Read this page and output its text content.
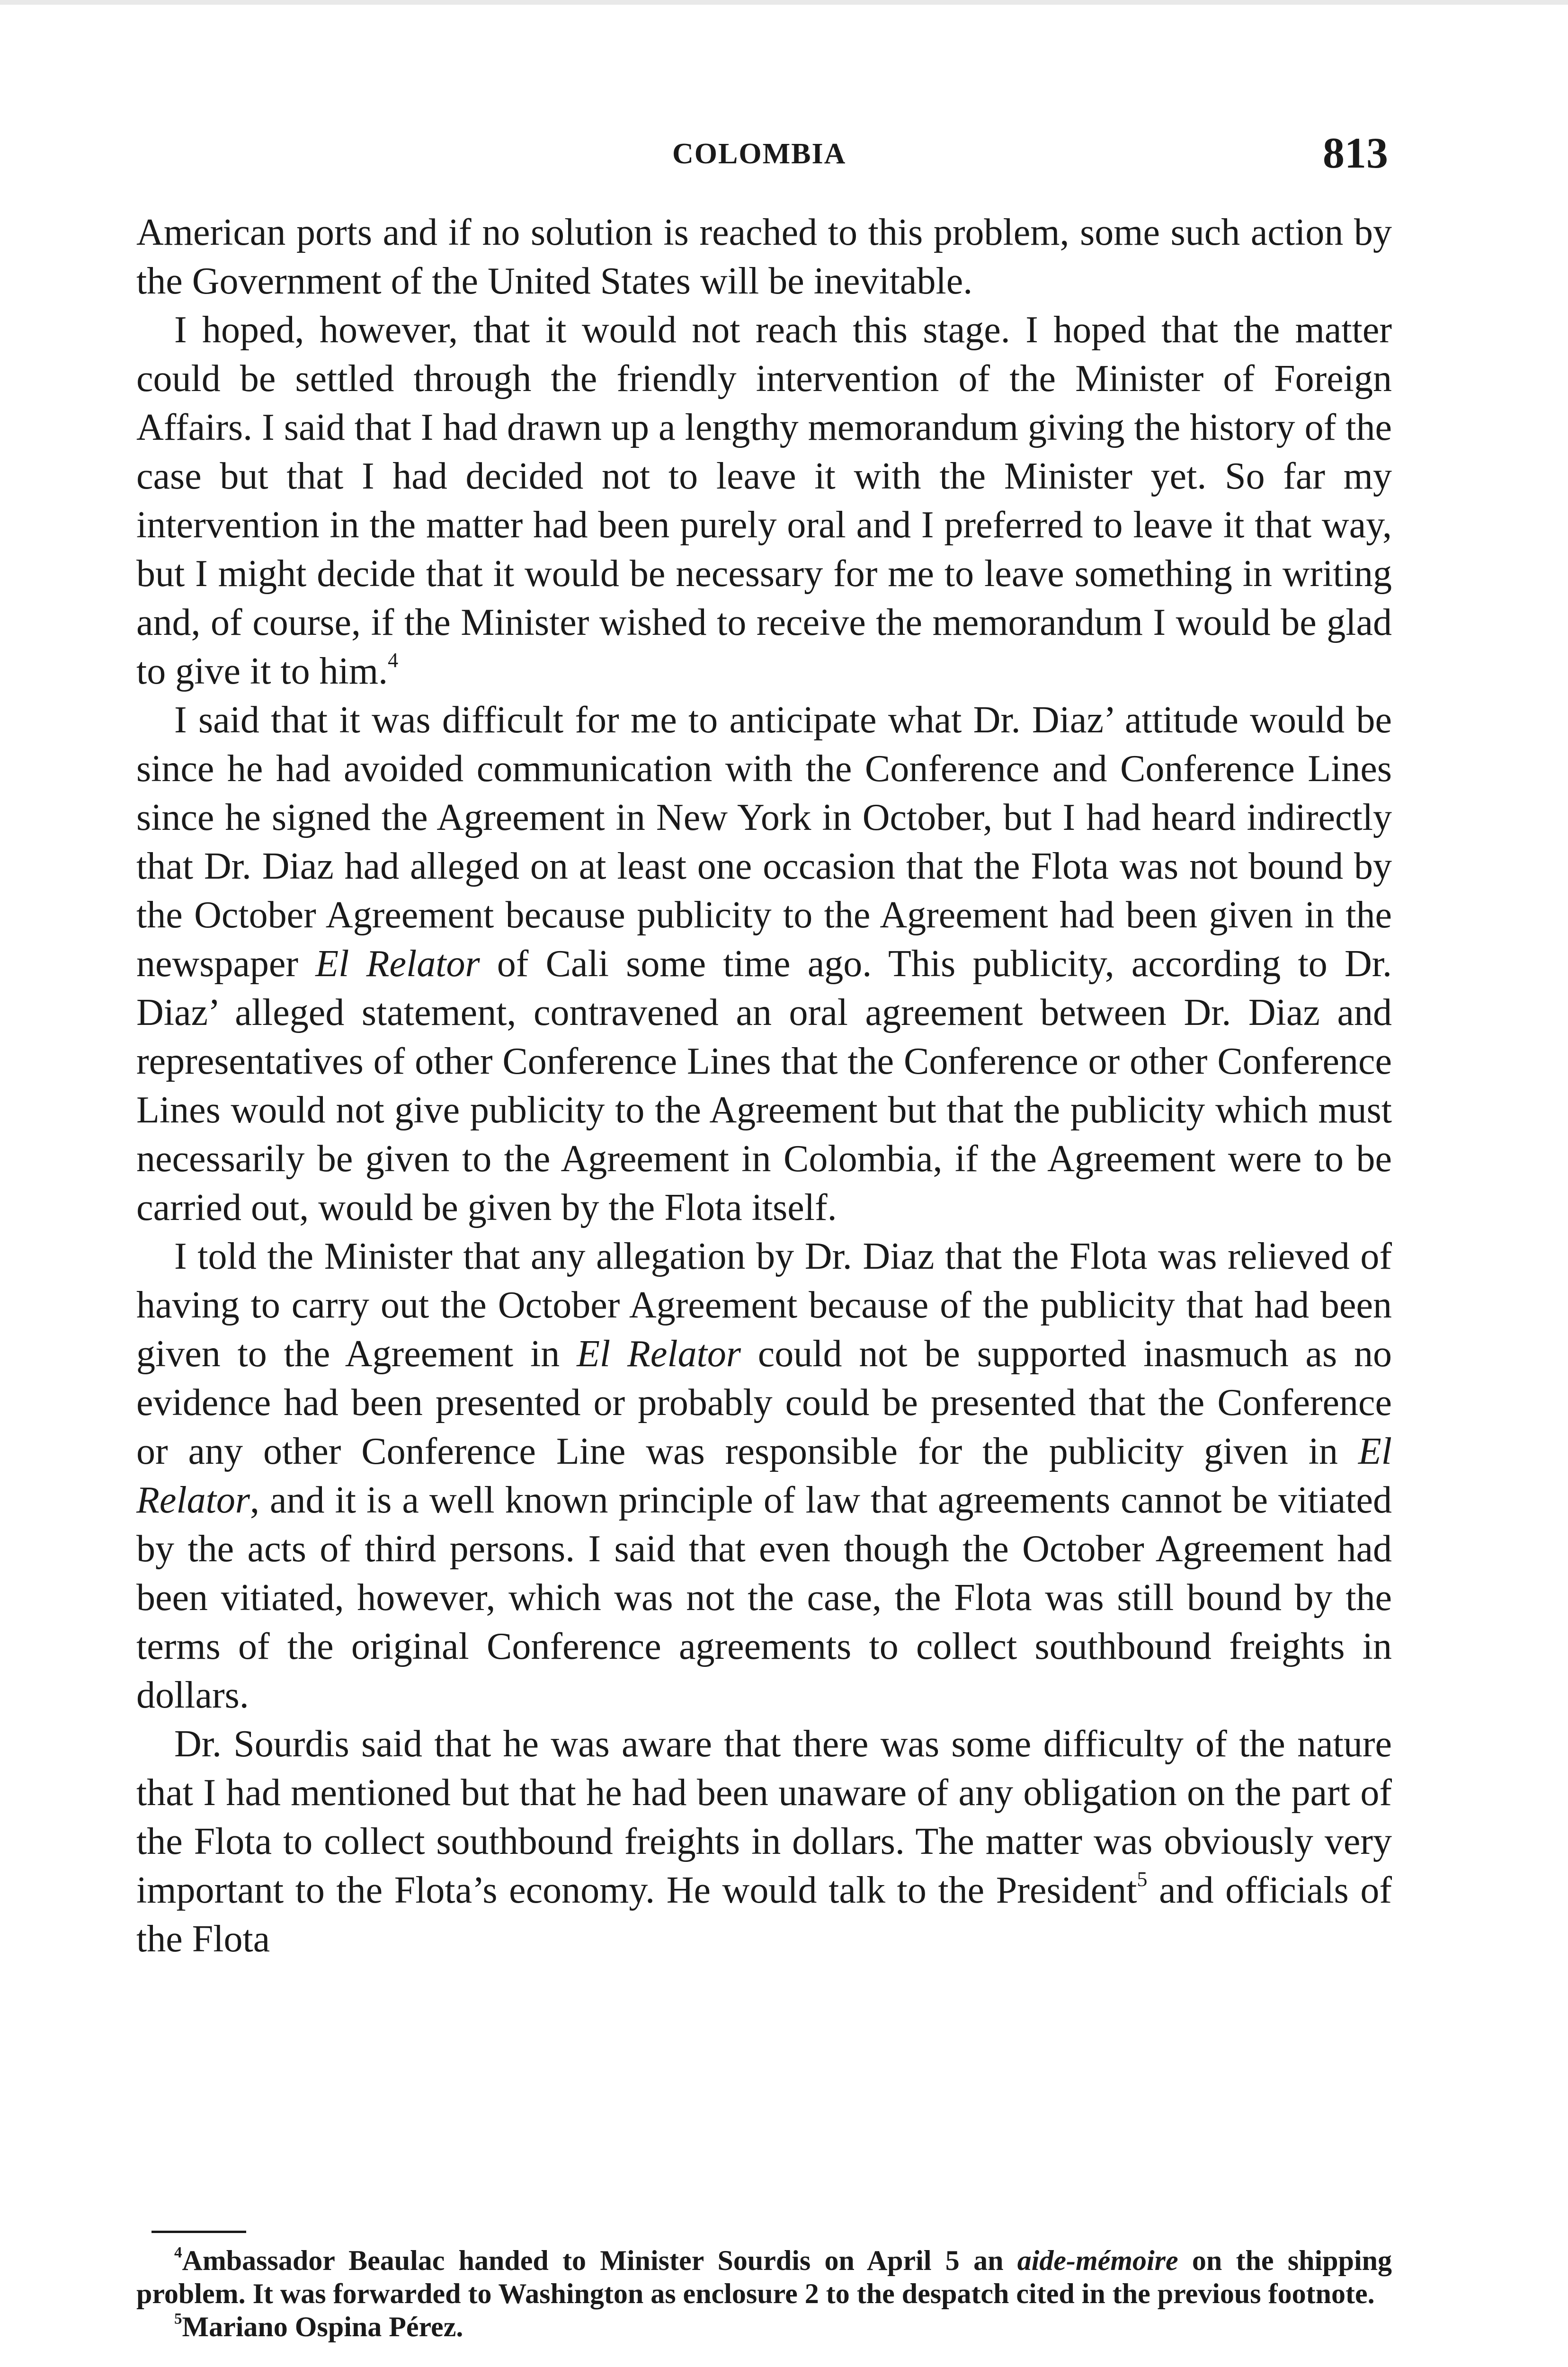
COLOMBIA	813

American ports and if no solution is reached to this problem, some such action by the Government of the United States will be inevitable.

I hoped, however, that it would not reach this stage. I hoped that the matter could be settled through the friendly intervention of the Minister of Foreign Affairs. I said that I had drawn up a lengthy memorandum giving the history of the case but that I had decided not to leave it with the Minister yet. So far my intervention in the matter had been purely oral and I preferred to leave it that way, but I might decide that it would be necessary for me to leave something in writing and, of course, if the Minister wished to receive the memorandum I would be glad to give it to him.$^4$

I said that it was difficult for me to anticipate what Dr. Diaz’ attitude would be since he had avoided communication with the Conference and Conference Lines since he signed the Agreement in New York in October, but I had heard indirectly that Dr. Diaz had alleged on at least one occasion that the Flota was not bound by the October Agreement because publicity to the Agreement had been given in the newspaper El Relator of Cali some time ago. This publicity, according to Dr. Diaz’ alleged statement, contravened an oral agreement between Dr. Diaz and representatives of other Conference Lines that the Conference or other Conference Lines would not give publicity to the Agreement but that the publicity which must necessarily be given to the Agreement in Colombia, if the Agreement were to be carried out, would be given by the Flota itself.

I told the Minister that any allegation by Dr. Diaz that the Flota was relieved of having to carry out the October Agreement because of the publicity that had been given to the Agreement in El Relator could not be supported inasmuch as no evidence had been presented or probably could be presented that the Conference or any other Conference Line was responsible for the publicity given in El Relator, and it is a well known principle of law that agreements cannot be vitiated by the acts of third persons. I said that even though the October Agreement had been vitiated, however, which was not the case, the Flota was still bound by the terms of the original Conference agreements to collect southbound freights in dollars.

Dr. Sourdis said that he was aware that there was some difficulty of the nature that I had mentioned but that he had been unaware of any obligation on the part of the Flota to collect southbound freights in dollars. The matter was obviously very important to the Flota’s economy. He would talk to the President$^5$ and officials of the Flota

$^4$Ambassador Beaulac handed to Minister Sourdis on April 5 an aide-mémoire on the shipping problem. It was forwarded to Washington as enclosure 2 to the despatch cited in the previous footnote.

$^5$Mariano Ospina Pérez.
